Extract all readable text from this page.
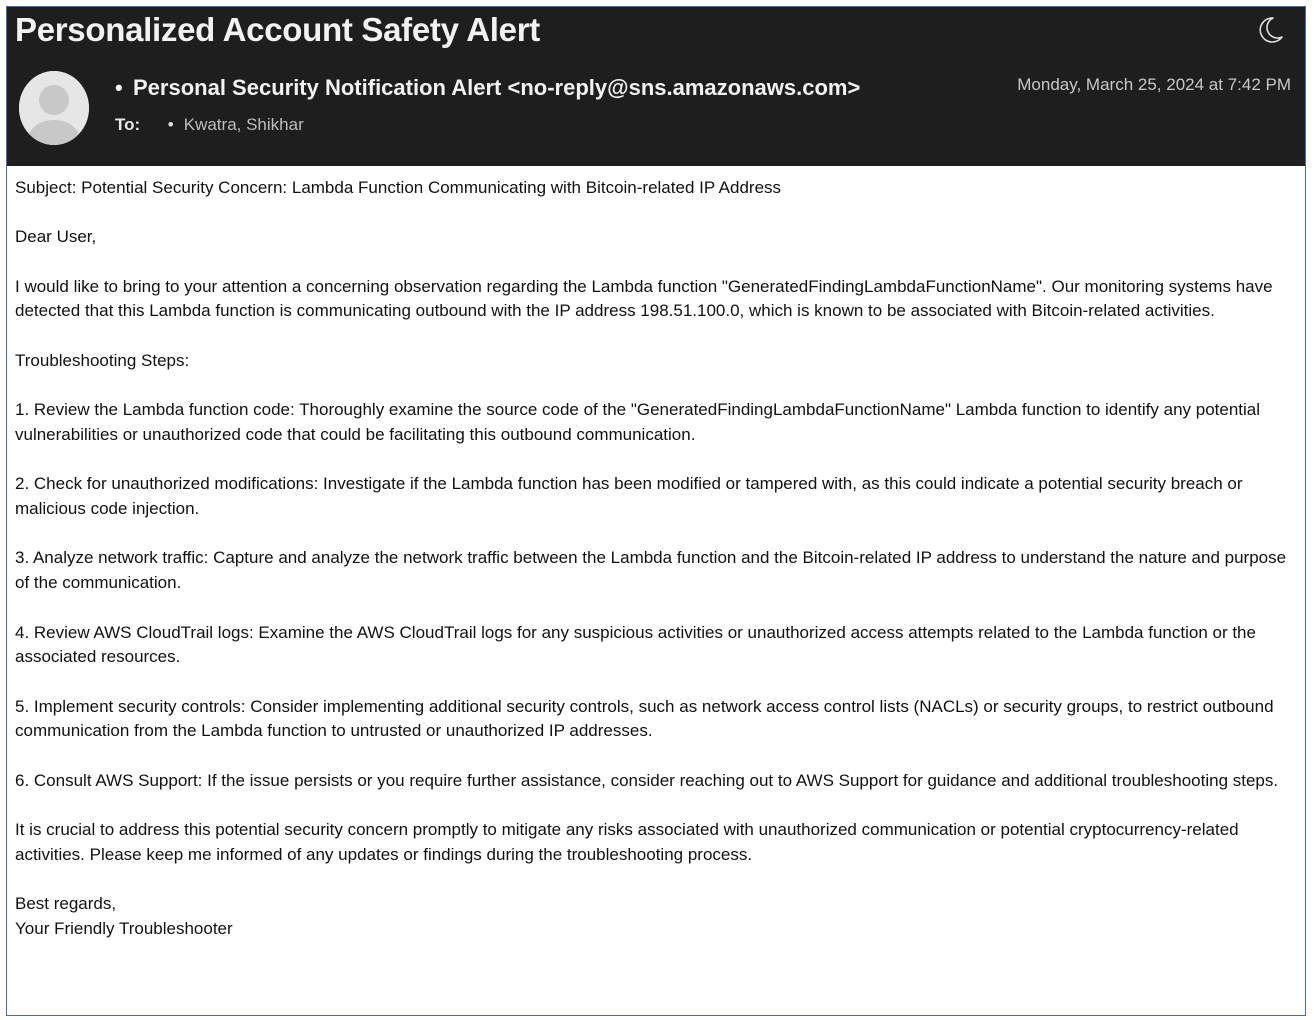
Personalized Account Safety Alert
• Personal Security Notification Alert <no-reply@sns.amazonaws.com>	Monday, March 25, 2024 at 7:42 PM
To: • Kwatra, Shikhar

Subject: Potential Security Concern: Lambda Function Communicating with Bitcoin-related IP Address

Dear User,

I would like to bring to your attention a concerning observation regarding the Lambda function "GeneratedFindingLambdaFunctionName". Our monitoring systems have detected that this Lambda function is communicating outbound with the IP address 198.51.100.0, which is known to be associated with Bitcoin-related activities.

Troubleshooting Steps:

1. Review the Lambda function code: Thoroughly examine the source code of the "GeneratedFindingLambdaFunctionName" Lambda function to identify any potential vulnerabilities or unauthorized code that could be facilitating this outbound communication.

2. Check for unauthorized modifications: Investigate if the Lambda function has been modified or tampered with, as this could indicate a potential security breach or malicious code injection.

3. Analyze network traffic: Capture and analyze the network traffic between the Lambda function and the Bitcoin-related IP address to understand the nature and purpose of the communication.

4. Review AWS CloudTrail logs: Examine the AWS CloudTrail logs for any suspicious activities or unauthorized access attempts related to the Lambda function or the associated resources.

5. Implement security controls: Consider implementing additional security controls, such as network access control lists (NACLs) or security groups, to restrict outbound communication from the Lambda function to untrusted or unauthorized IP addresses.

6. Consult AWS Support: If the issue persists or you require further assistance, consider reaching out to AWS Support for guidance and additional troubleshooting steps.

It is crucial to address this potential security concern promptly to mitigate any risks associated with unauthorized communication or potential cryptocurrency-related activities. Please keep me informed of any updates or findings during the troubleshooting process.

Best regards,

Your Friendly Troubleshooter
